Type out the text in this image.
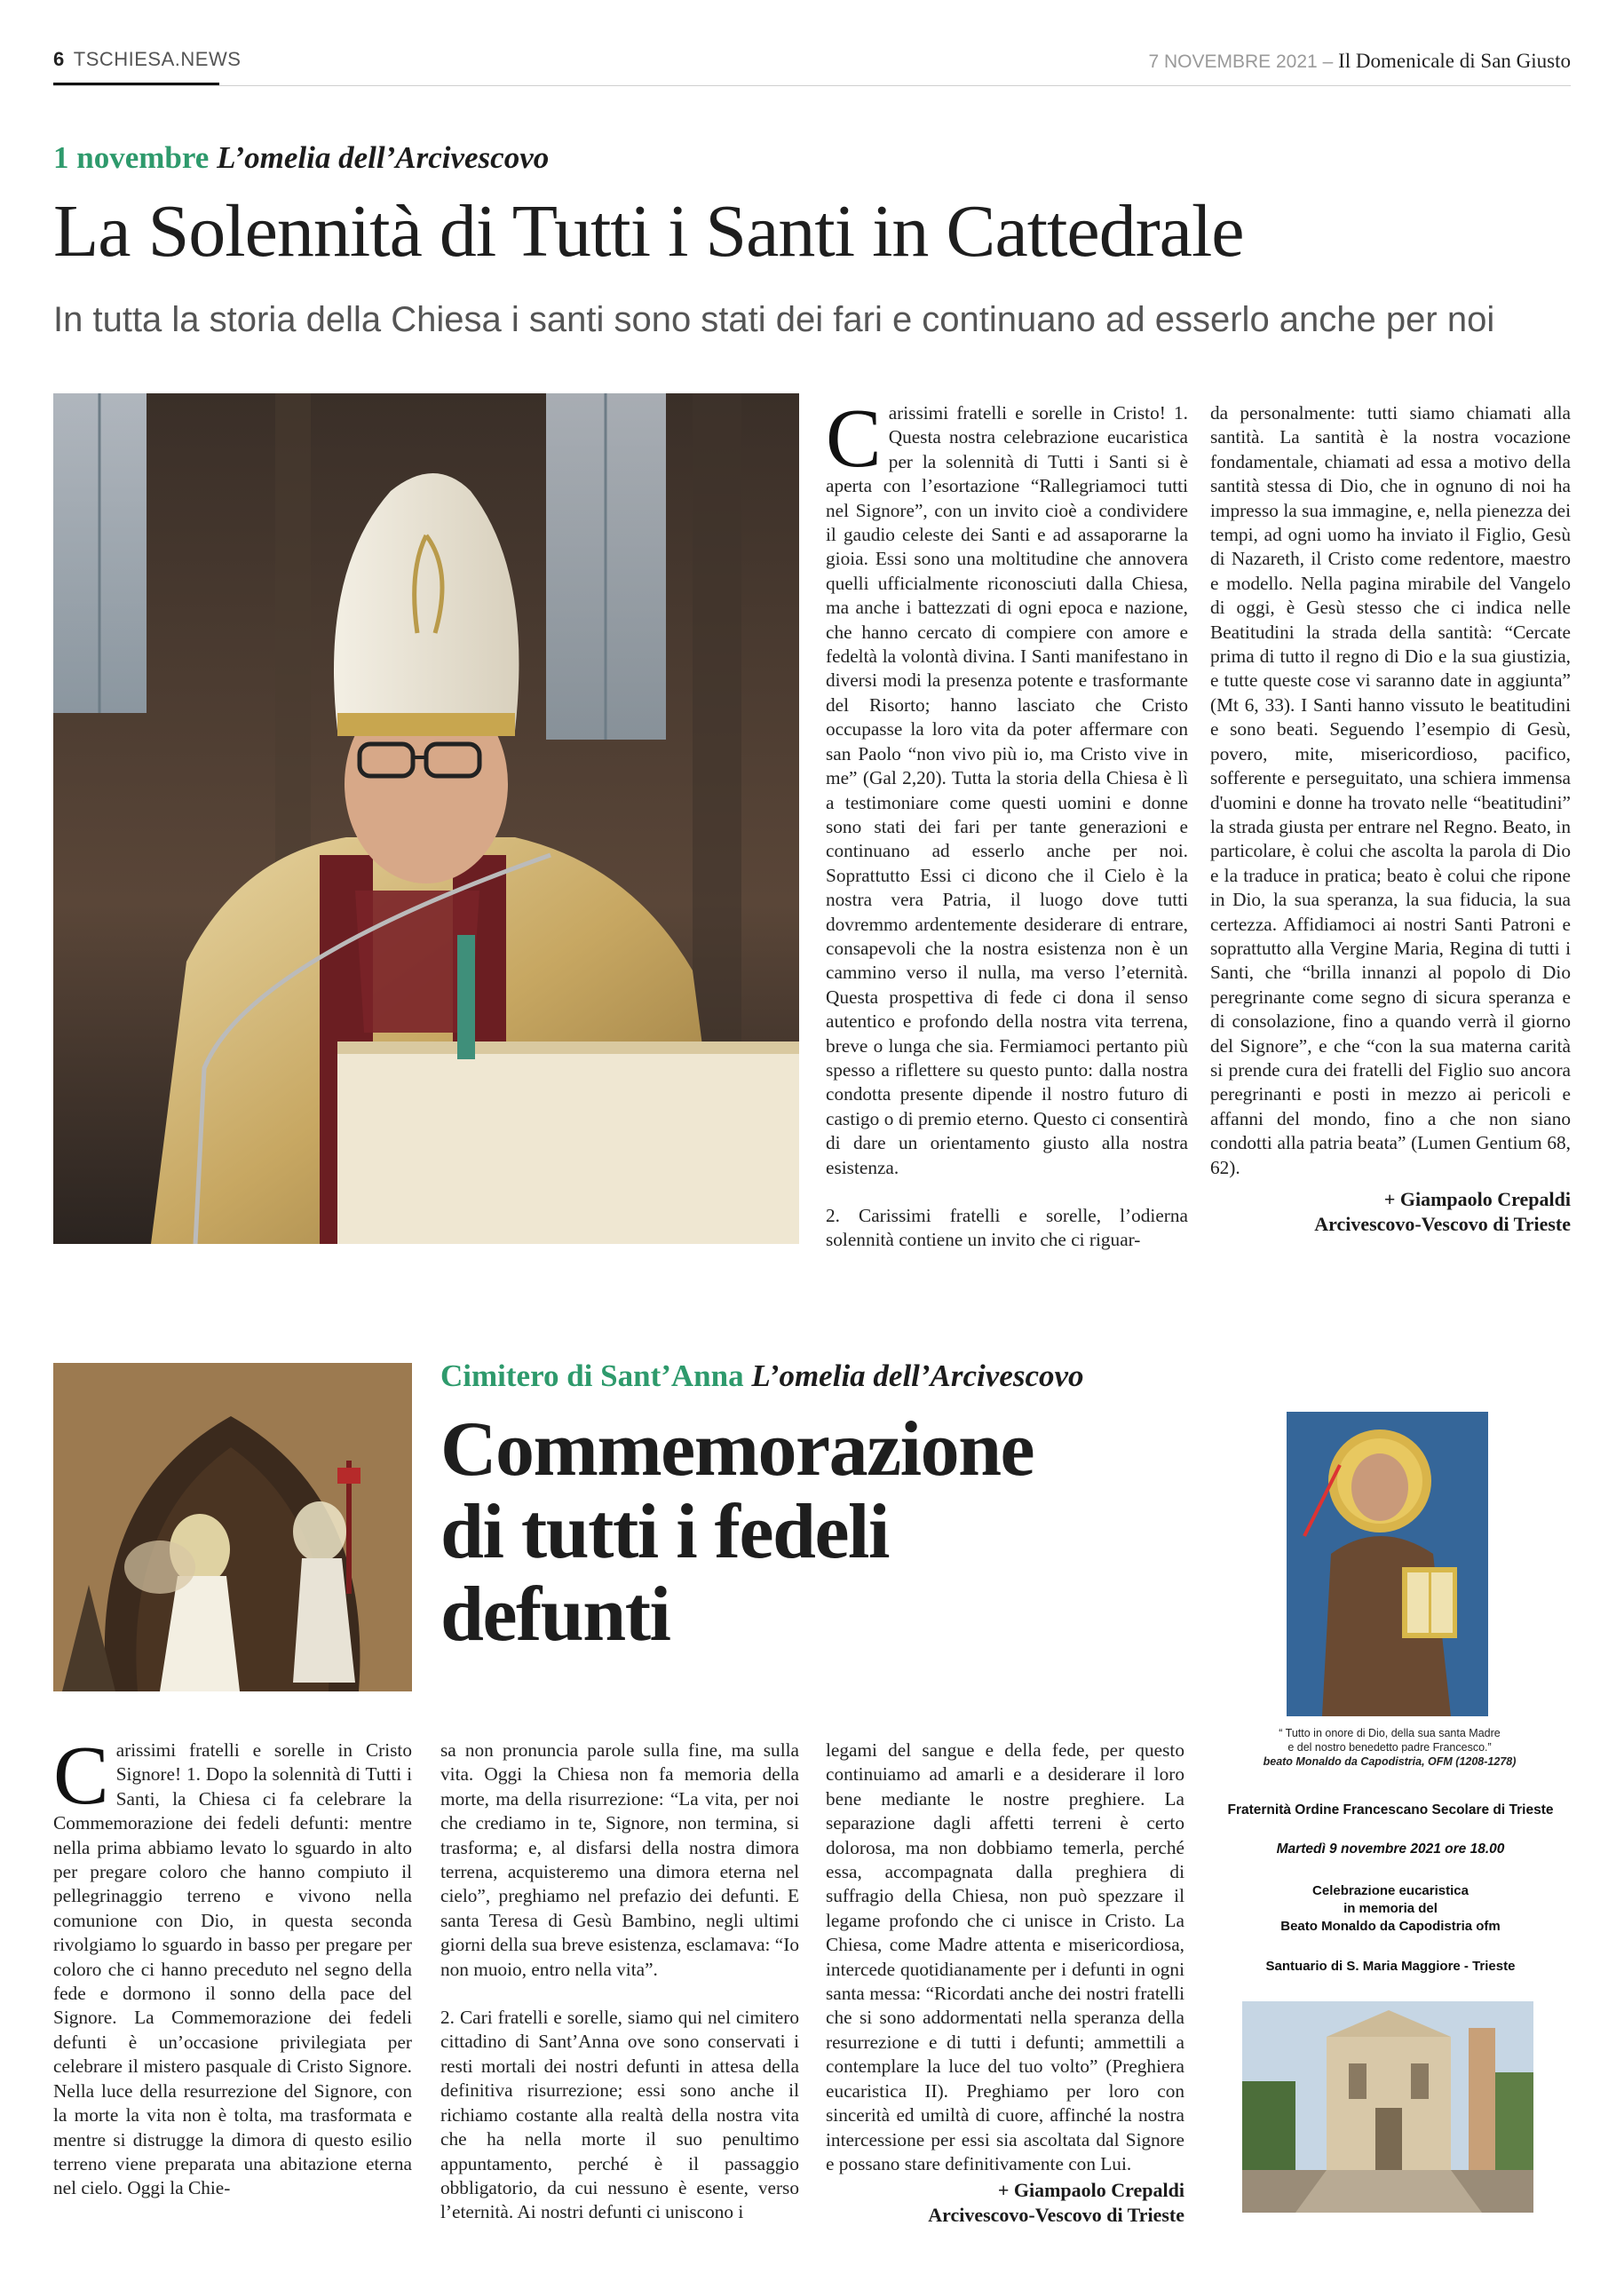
6 TSCHIESA.NEWS	7 NOVEMBRE 2021 – Il Domenicale di San Giusto
1 novembre L’omelia dell’Arcivescovo
La Solennità di Tutti i Santi in Cattedrale
In tutta la storia della Chiesa i santi sono stati dei fari e continuano ad esserlo anche per noi

Carissimi fratelli e sorelle in Cristo! 1. Questa nostra celebrazione eucaristica per la solennità di Tutti i Santi si è aperta con l’esortazione “Rallegriamoci tutti nel Signore”, con un invito cioè a condividere il gaudio celeste dei Santi e ad assaporarne la gioia. Essi sono una moltitudine che annovera quelli ufficialmente riconosciuti dalla Chiesa, ma anche i battezzati di ogni epoca e nazione, che hanno cercato di compiere con amore e fedeltà la volontà divina. I Santi manifestano in diversi modi la presenza potente e trasformante del Risorto; hanno lasciato che Cristo occupasse la loro vita da poter affermare con san Paolo “non vivo più io, ma Cristo vive in me” (Gal 2,20). Tutta la storia della Chiesa è lì a testimoniare come questi uomini e donne sono stati dei fari per tante generazioni e continuano ad esserlo anche per noi. Soprattutto Essi ci dicono che il Cielo è la nostra vera Patria, il luogo dove tutti dovremmo ardentemente desiderare di entrare, consapevoli che la nostra esistenza non è un cammino verso il nulla, ma verso l’eternità. Questa prospettiva di fede ci dona il senso autentico e profondo della nostra vita terrena, breve o lunga che sia. Fermiamoci pertanto più spesso a riflettere su questo punto: dalla nostra condotta presente dipende il nostro futuro di castigo o di premio eterno. Questo ci consentirà di dare un orientamento giusto alla nostra esistenza.

2. Carissimi fratelli e sorelle, l’odierna solennità contiene un invito che ci riguar-

da personalmente: tutti siamo chiamati alla santità. La santità è la nostra vocazione fondamentale, chiamati ad essa a motivo della santità stessa di Dio, che in ognuno di noi ha impresso la sua immagine, e, nella pienezza dei tempi, ad ogni uomo ha inviato il Figlio, Gesù di Nazareth, il Cristo come redentore, maestro e modello. Nella pagina mirabile del Vangelo di oggi, è Gesù stesso che ci indica nelle Beatitudini la strada della santità: “Cercate prima di tutto il regno di Dio e la sua giustizia, e tutte queste cose vi saranno date in aggiunta” (Mt 6, 33). I Santi hanno vissuto le beatitudini e sono beati. Seguendo l’esempio di Gesù, povero, mite, misericordioso, pacifico, sofferente e perseguitato, una schiera immensa d'uomini e donne ha trovato nelle “beatitudini” la strada giusta per entrare nel Regno. Beato, in particolare, è colui che ascolta la parola di Dio e la traduce in pratica; beato è colui che ripone in Dio, la sua speranza, la sua fiducia, la sua certezza. Affidiamoci ai nostri Santi Patroni e soprattutto alla Vergine Maria, Regina di tutti i Santi, che “brilla innanzi al popolo di Dio peregrinante come segno di sicura speranza e di consolazione, fino a quando verrà il giorno del Signore”, e che “con la sua materna carità si prende cura dei fratelli del Figlio suo ancora peregrinanti e posti in mezzo ai pericoli e affanni del mondo, fino a che non siano condotti alla patria beata” (Lumen Gentium 68, 62).

+ Giampaolo Crepaldi
Arcivescovo-Vescovo di Trieste
Cimitero di Sant’Anna L’omelia dell’Arcivescovo
Commemorazione
di tutti i fedeli
defunti

Carissimi fratelli e sorelle in Cristo Signore! 1. Dopo la solennità di Tutti i Santi, la Chiesa ci fa celebrare la Commemorazione dei fedeli defunti: mentre nella prima abbiamo levato lo sguardo in alto per pregare coloro che hanno compiuto il pellegrinaggio terreno e vivono nella comunione con Dio, in questa seconda rivolgiamo lo sguardo in basso per pregare per coloro che ci hanno preceduto nel segno della fede e dormono il sonno della pace del Signore. La Commemorazione dei fedeli defunti è un’occasione privilegiata per celebrare il mistero pasquale di Cristo Signore. Nella luce della resurrezione del Signore, con la morte la vita non è tolta, ma trasformata e mentre si distrugge la dimora di questo esilio terreno viene preparata una abitazione eterna nel cielo. Oggi la Chie-

sa non pronuncia parole sulla fine, ma sulla vita. Oggi la Chiesa non fa memoria della morte, ma della risurrezione: “La vita, per noi che crediamo in te, Signore, non termina, si trasforma; e, al disfarsi della nostra dimora terrena, acquisteremo una dimora eterna nel cielo”, preghiamo nel prefazio dei defunti. E santa Teresa di Gesù Bambino, negli ultimi giorni della sua breve esistenza, esclamava: “Io non muoio, entro nella vita”.

2. Cari fratelli e sorelle, siamo qui nel cimitero cittadino di Sant’Anna ove sono conservati i resti mortali dei nostri defunti in attesa della definitiva risurrezione; essi sono anche il richiamo costante alla realtà della nostra vita che ha nella morte il suo penultimo appuntamento, perché è il passaggio obbligatorio, da cui nessuno è esente, verso l’eternità. Ai nostri defunti ci uniscono i

legami del sangue e della fede, per questo continuiamo ad amarli e a desiderare il loro bene mediante le nostre preghiere. La separazione dagli affetti terreni è certo dolorosa, ma non dobbiamo temerla, perché essa, accompagnata dalla preghiera di suffragio della Chiesa, non può spezzare il legame profondo che ci unisce in Cristo. La Chiesa, come Madre attenta e misericordiosa, intercede quotidianamente per i defunti in ogni santa messa: “Ricordati anche dei nostri fratelli che si sono addormentati nella speranza della resurrezione e di tutti i defunti; ammettili a contemplare la luce del tuo volto” (Preghiera eucaristica II). Preghiamo per loro con sincerità ed umiltà di cuore, affinché la nostra intercessione per essi sia ascoltata dal Signore e possano stare definitivamente con Lui.

+ Giampaolo Crepaldi
Arcivescovo-Vescovo di Trieste
“ Tutto in onore di Dio, della sua santa Madre
e del nostro benedetto padre Francesco.”
beato Monaldo da Capodistria, OFM (1208-1278)
Fraternità Ordine Francescano Secolare di Trieste
Martedì 9 novembre 2021 ore 18.00
Celebrazione eucaristica
in memoria del
Beato Monaldo da Capodistria ofm
Santuario di S. Maria Maggiore - Trieste
